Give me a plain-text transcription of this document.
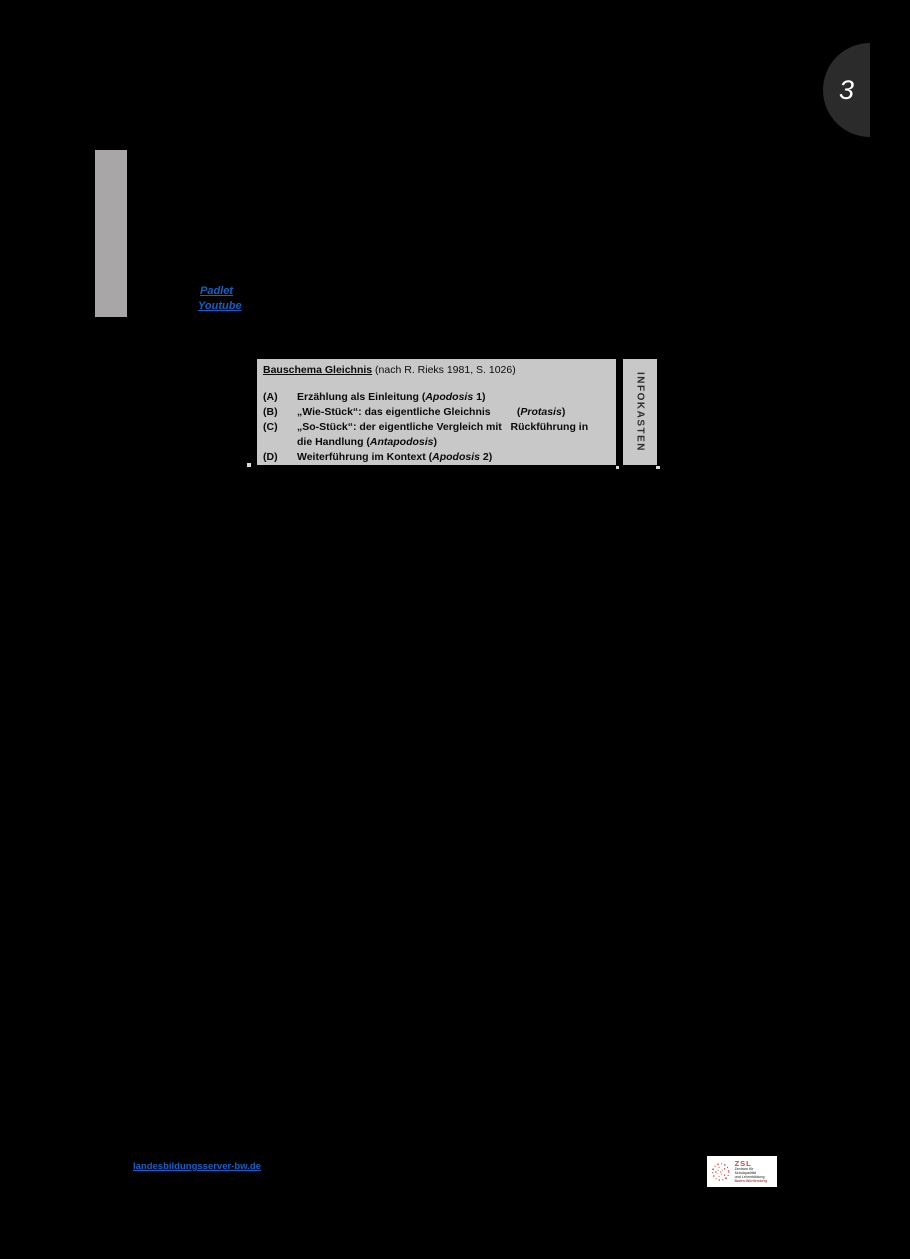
3
Padlet
Youtube
Bauschema Gleichnis (nach R. Rieks 1981, S. 1026)
(A)	Erzählung als Einleitung (Apodosis 1)
(B)	„Wie-Stück“: das eigentliche Gleichnis         (Protasis)
(C)	„So-Stück“: der eigentliche Vergleich mit   Rückführung in
die Handlung (Antapodosis)
(D)	Weiterführung im Kontext (Apodosis 2)
INFOKASTEN
landesbildungsserver-bw.de	ZSL
Zentrum für Schulqualität
und Lehrerbildung
Baden-Württemberg
